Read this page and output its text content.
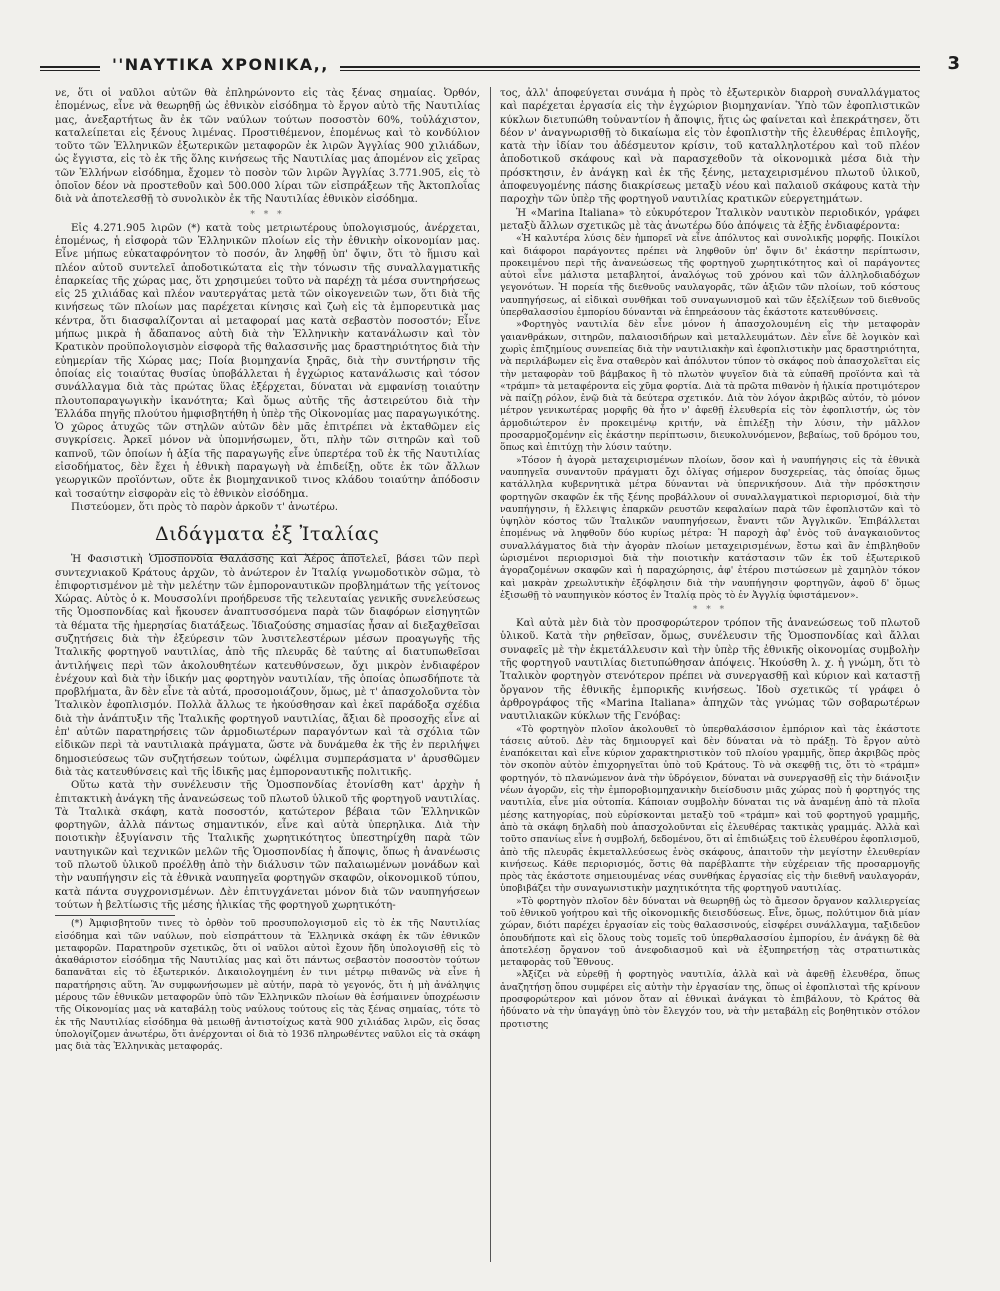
''ΝΑΥΤΙΚΑ ΧΡΟΝΙΚΑ,,	3

νε, ὅτι οἱ ναῦλοι αὐτῶν θὰ ἐπληρώνοντο εἰς τὰς ξένας σημαίας. Ὀρθόν, ἑπομένως, εἶνε νὰ θεωρηθῇ ὡς ἐθνικὸν εἰσόδημα τὸ ἔργον αὐτὸ τῆς Ναυτιλίας μας, ἀνεξαρτήτως ἂν ἐκ τῶν ναύλων τούτων ποσοστὸν 60%, τοὐλάχιστον, καταλείπεται εἰς ξένους λιμένας. Προστιθέμενον, ἑπομένως καὶ τὸ κονδύλιον τοῦτο τῶν Ἑλληνικῶν ἐξωτερικῶν μεταφορῶν ἐκ λιρῶν Ἀγγλίας 900 χιλιάδων, ὡς ἔγγιστα, εἰς τὸ ἐκ τῆς ὅλης κινήσεως τῆς Ναυτιλίας μας ἀπομένον εἰς χεῖρας τῶν Ἑλλήνων εἰσόδημα, ἔχομεν τὸ ποσὸν τῶν λιρῶν Ἀγγλίας 3.771.905, εἰς τὸ ὁποῖον δέον νὰ προστεθοῦν καὶ 500.000 λίραι τῶν εἰσπράξεων τῆς Ἀκτοπλοΐας διὰ νὰ ἀποτελεσθῇ τὸ συνολικὸν ἐκ τῆς Ναυτιλίας ἐθνικὸν εἰσόδημα.

* * *

Εἰς 4.271.905 λιρῶν (*) κατὰ τοὺς μετριωτέρους ὑπολογισμούς, ἀνέρχεται, ἑπομένως, ἡ εἰσφορὰ τῶν Ἑλληνικῶν πλοίων εἰς τὴν ἐθνικὴν οἰκονομίαν μας. Εἶνε μήπως εὐκαταφρόνητον τὸ ποσόν, ἂν ληφθῇ ὑπ' ὄψιν, ὅτι τὸ ἥμισυ καὶ πλέον αὐτοῦ συντελεῖ ἀποδοτικώτατα εἰς τὴν τόνωσιν τῆς συναλλαγματικῆς ἐπαρκείας τῆς χώρας μας, ὅτι χρησιμεύει τοῦτο νὰ παρέχῃ τὰ μέσα συντηρήσεως εἰς 25 χιλιάδας καὶ πλέον ναυτεργάτας μετὰ τῶν οἰκογενειῶν των, ὅτι διὰ τῆς κινήσεως τῶν πλοίων μας παρέχεται κίνησις καὶ ζωὴ εἰς τὰ ἐμπορευτικὰ μας κέντρα, ὅτι διασφαλίζονται αἱ μεταφοραί μας κατὰ σεβαστὸν ποσοστόν; Εἶνε μήπως μικρὰ ἡ ἄδαπανος αὐτὴ διὰ τὴν Ἑλληνικὴν κατανάλωσιν καὶ τὸν Κρατικὸν προϋπολογισμὸν εἰσφορὰ τῆς θαλασσινῆς μας δραστηριότητος διὰ τὴν εὐημερίαν τῆς Χώρας μας; Ποία βιομηχανία ξηρᾶς, διὰ τὴν συντήρησιν τῆς ὁποίας εἰς τοιαύτας θυσίας ὑποβάλλεται ἡ ἐγχώριος κατανάλωσις καὶ τόσον συνάλλαγμα διὰ τὰς πρώτας ὕλας ἐξέρχεται, δύναται νὰ εμφανίσῃ τοιαύτην πλουτοπαραγωγικὴν ἱκανότητα; Καὶ ὅμως αὐτῆς τῆς ἀστειρεύτου διὰ τὴν Ἑλλάδα πηγῆς πλούτου ἠμφισβητήθη ἡ ὑπὲρ τῆς Οἰκονομίας μας παραγωγικότης. Ὁ χῶρος ἀτυχῶς τῶν στηλῶν αὐτῶν δὲν μᾶς ἐπιτρέπει νὰ ἐκταθῶμεν εἰς συγκρίσεις. Ἀρκεῖ μόνον νὰ ὑπομνήσωμεν, ὅτι, πλὴν τῶν σιτηρῶν καὶ τοῦ καπνοῦ, τῶν ὁποίων ἡ ἀξία τῆς παραγωγῆς εἶνε ὑπερτέρα τοῦ ἐκ τῆς Ναυτιλίας εἰσοδήματος, δὲν ἔχει ἡ ἐθνικὴ παραγωγὴ νὰ ἐπιδείξῃ, οὔτε ἐκ τῶν ἄλλων γεωργικῶν προϊόντων, οὔτε ἐκ βιομηχανικοῦ τινος κλάδου τοιαύτην ἀπόδοσιν καὶ τοσαύτην εἰσφορὰν εἰς τὸ ἐθνικὸν εἰσόδημα.

Πιστεύομεν, ὅτι πρὸς τὸ παρὸν ἀρκοῦν τ' ἀνωτέρω.

Διδάγματα ἐξ Ἰταλίας

Ἡ Φασιστικὴ Ὁμοσπονδία Θαλάσσης καὶ Ἀέρος ἀποτελεῖ, βάσει τῶν περὶ συντεχνιακοῦ Κράτους ἀρχῶν, τὸ ἀνώτερον ἐν Ἰταλίᾳ γνωμοδοτικὸν σῶμα, τὸ ἐπιφορτισμένον μὲ τὴν μελέτην τῶν ἐμποροναυτικῶν προβλημάτων τῆς γείτονος Χώρας. Αὐτὸς ὁ κ. Μουσσολίνι προήδρευσε τῆς τελευταίας γενικῆς συνελεύσεως τῆς Ὁμοσπονδίας καὶ ἤκουσεν ἀναπτυσσόμενα παρὰ τῶν διαφόρων εἰσηγητῶν τὰ θέματα τῆς ἡμερησίας διατάξεως. Ἰδιαζούσης σημασίας ἦσαν αἱ διεξαχθεῖσαι συζητήσεις διὰ τὴν ἐξεύρεσιν τῶν λυσιτελεστέρων μέσων προαγωγῆς τῆς Ἰταλικῆς φορτηγοῦ ναυτιλίας, ἀπὸ τῆς πλευρᾶς δὲ ταύτης αἱ διατυπωθεῖσαι ἀντιλήψεις περὶ τῶν ἀκολουθητέων κατευθύνσεων, ὄχι μικρὸν ἐνδιαφέρον ἐνέχουν καὶ διὰ τὴν ἰδικήν μας φορτηγὸν ναυτιλίαν, τῆς ὁποίας ὁπωσδήποτε τὰ προβλήματα, ἂν δὲν εἶνε τὰ αὐτά, προσομοιάζουν, ὅμως, μὲ τ' ἀπασχολοῦντα τὸν Ἰταλικὸν ἐφοπλισμόν. Πολλὰ ἄλλως τε ἠκούσθησαν καὶ ἐκεῖ παράδοξα σχέδια διὰ τὴν ἀνάπτυξιν τῆς Ἰταλικῆς φορτηγοῦ ναυτιλίας, ἄξιαι δὲ προσοχῆς εἶνε αἱ ἐπ' αὐτῶν παρατηρήσεις τῶν ἁρμοδιωτέρων παραγόντων καὶ τὰ σχόλια τῶν εἰδικῶν περὶ τὰ ναυτιλιακὰ πράγματα, ὥστε νὰ δυνάμεθα ἐκ τῆς ἐν περιλήψει δημοσιεύσεως τῶν συζητήσεων τούτων, ὠφέλιμα συμπεράσματα ν' ἀρυσθῶμεν διὰ τὰς κατευθύνσεις καὶ τῆς ἰδικῆς μας ἐμποροναυτικῆς πολιτικῆς.

Οὕτω κατὰ τὴν συνέλευσιν τῆς Ὁμοσπονδίας ἐτονίσθη κατ' ἀρχὴν ἡ ἐπιτακτικὴ ἀνάγκη τῆς ἀνανεώσεως τοῦ πλωτοῦ ὑλικοῦ τῆς φορτηγοῦ ναυτιλίας. Τὰ Ἰταλικὰ σκάφη, κατὰ ποσοστόν, κατώτερον βέβαια τῶν Ἑλληνικῶν φορτηγῶν, ἀλλὰ πάντως σημαντικόν, εἶνε καὶ αὐτὰ ὑπερηλικα. Διὰ τὴν ποιοτικὴν ἐξυγίανσιν τῆς Ἰταλικῆς χωρητικότητος ὑπεστηρίχθη παρὰ τῶν ναυτηγικῶν καὶ τεχνικῶν μελῶν τῆς Ὁμοσπονδίας ἡ ἄποψις, ὅπως ἡ ἀνανέωσις τοῦ πλωτοῦ ὑλικοῦ προέλθῃ ἀπὸ τὴν διάλυσιν τῶν παλαιωμένων μονάδων καὶ τὴν ναυπήγησιν εἰς τὰ ἐθνικὰ ναυπηγεῖα φορτηγῶν σκαφῶν, οἰκονομικοῦ τύπου, κατὰ πάντα συγχρονισμένων. Δὲν ἐπιτυγχάνεται μόνον διὰ τῶν ναυπηγήσεων τούτων ἡ βελτίωσις τῆς μέσης ἡλικίας τῆς φορτηγοῦ χωρητικότη-

(*) Ἀμφισβητοῦν τινες τὸ ὀρθὸν τοῦ προσυπολογισμοῦ εἰς τὸ ἐκ τῆς Ναυτιλίας εἰσόδημα καὶ τῶν ναύλων, ποὺ εἰσπράττουν τὰ Ἑλληνικὰ σκάφη ἐκ τῶν ἐθνικῶν μεταφορῶν. Παρατηροῦν σχετικῶς, ὅτι οἱ ναῦλοι αὐτοὶ ἔχουν ἤδη ὑπολογισθῇ εἰς τὸ ἀκαθάριστον εἰσόδημα τῆς Ναυτιλίας μας καὶ ὅτι πάντως σεβαστὸν ποσοστὸν τούτων δαπανᾶται εἰς τὸ ἐξωτερικόν. Δικαιολογημένη ἐν τινι μέτρῳ πιθανῶς νὰ εἶνε ἡ παρατήρησις αὕτη. Ἂν συμφωνήσωμεν μὲ αὐτήν, παρὰ τὸ γεγονός, ὅτι ἡ μὴ ἀνάληψις μέρους τῶν ἐθνικῶν μεταφορῶν ὑπὸ τῶν Ἑλληνικῶν πλοίων θὰ ἐσήμαινεν ὑποχρέωσιν τῆς Οἰκονομίας μας νὰ καταβάλῃ τοὺς ναύλους τούτους εἰς τὰς ξένας σημαίας, τότε τὸ ἐκ τῆς Ναυτιλίας εἰσόδημα θὰ μειωθῇ ἀντιστοίχως κατὰ 900 χιλιάδας λιρῶν, εἰς ὅσας ὑπολογίζομεν ἀνωτέρω, ὅτι ἀνέρχονται οἱ διὰ τὸ 1936 πληρωθέντες ναῦλοι εἰς τὰ σκάφη μας διὰ τὰς Ἑλληνικὰς μεταφοράς.

τος, ἀλλ' ἀποφεύγεται συνάμα ἡ πρὸς τὸ ἐξωτερικὸν διαρροὴ συναλλάγματος καὶ παρέχεται ἐργασία εἰς τὴν ἐγχώριον βιομηχανίαν. Ὑπὸ τῶν ἐφοπλιστικῶν κύκλων διετυπώθη τοὐναντίον ἡ ἄποψις, ἥτις ὡς φαίνεται καὶ ἐπεκράτησεν, ὅτι δέον ν' ἀναγνωρισθῇ τὸ δικαίωμα εἰς τὸν ἐφοπλιστὴν τῆς ἐλευθέρας ἐπιλογῆς, κατὰ τὴν ἰδίαν του ἀδέσμευτον κρίσιν, τοῦ καταλληλοτέρου καὶ τοῦ πλέον ἀποδοτικοῦ σκάφους καὶ νὰ παρασχεθοῦν τὰ οἰκονομικὰ μέσα διὰ τὴν πρόσκτησιν, ἐν ἀνάγκῃ καὶ ἐκ τῆς ξένης, μεταχειρισμένου πλωτοῦ ὑλικοῦ, ἀποφευγομένης πάσης διακρίσεως μεταξὺ νέου καὶ παλαιοῦ σκάφους κατὰ τὴν παροχὴν τῶν ὑπὲρ τῆς φορτηγοῦ ναυτιλίας κρατικῶν εὐεργετημάτων.

Ἡ «Marina Italiana» τὸ εὐκυρότερον Ἰταλικὸν ναυτικὸν περιοδικόν, γράφει μεταξὺ ἄλλων σχετικῶς μὲ τὰς ἀνωτέρω δύο ἀπόψεις τὰ ἑξῆς ἐνδιαφέροντα:

«Ἡ καλυτέρα λύσις δὲν ἠμπορεῖ νὰ εἶνε ἀπόλυτος καὶ συνολικῆς μορφῆς. Ποικίλοι καὶ διάφοροι παράγοντες πρέπει νὰ ληφθοῦν ὑπ' ὄψιν δι' ἑκάστην περίπτωσιν, προκειμένου περὶ τῆς ἀνανεώσεως τῆς φορτηγοῦ χωρητικότητος καὶ οἱ παράγοντες αὐτοὶ εἶνε μάλιστα μεταβλητοί, ἀναλόγως τοῦ χρόνου καὶ τῶν ἀλληλοδιαδόχων γεγονότων. Ἡ πορεία τῆς διεθνοῦς ναυλαγορᾶς, τῶν ἀξιῶν τῶν πλοίων, τοῦ κόστους ναυπηγήσεως, αἱ εἰδικαὶ συνθῆκαι τοῦ συναγωνισμοῦ καὶ τῶν ἐξελίξεων τοῦ διεθνοῦς ὑπερθαλασσίου ἐμπορίου δύνανται νὰ ἐπηρεάσουν τὰς ἑκάστοτε κατευθύνσεις.

»Φορτηγὸς ναυτιλία δὲν εἶνε μόνον ἡ ἀπασχολουμένη εἰς τὴν μεταφορὰν γαιανθράκων, σιτηρῶν, παλαιοσιδήρων καὶ μεταλλευμάτων. Δὲν εἶνε δὲ λογικὸν καὶ χωρὶς ἐπιζημίους συνεπείας διὰ τὴν ναυτιλιακὴν καὶ ἐφοπλιστικὴν μας δραστηριότητα, νὰ περιλάβωμεν εἰς ἕνα σταθερὸν καὶ ἀπόλυτον τύπον τὸ σκάφος ποὺ ἀπασχολεῖται εἰς τὴν μεταφορὰν τοῦ βάμβακος ἢ τὸ πλωτὸν ψυγεῖον διὰ τὰ εὐπαθῆ προϊόντα καὶ τὰ «τράμπ» τὰ μεταφέροντα εἰς χῦμα φορτία. Διὰ τὰ πρῶτα πιθανὸν ἡ ἡλικία προτιμότερον νὰ παίζῃ ρόλον, ἐνῷ διὰ τὰ δεύτερα σχετικόν. Διὰ τὸν λόγον ἀκριβῶς αὐτόν, τὸ μόνον μέτρον γενικωτέρας μορφῆς θὰ ἦτο ν' ἀφεθῇ ἐλευθερία εἰς τὸν ἐφοπλιστήν, ὡς τὸν ἁρμοδιώτερον ἐν προκειμένῳ κριτήν, νὰ ἐπιλέξῃ τὴν λύσιν, τὴν μᾶλλον προσαρμοζομένην εἰς ἑκάστην περίπτωσιν, διευκολυνόμενον, βεβαίως, τοῦ δρόμου του, ὅπως καὶ ἐπιτύχῃ τὴν λύσιν ταύτην.

»Τόσον ἡ ἀγορὰ μεταχειρισμένων πλοίων, ὅσον καὶ ἡ ναυπήγησις εἰς τὰ ἐθνικὰ ναυπηγεῖα συναντοῦν πράγματι ὄχι ὀλίγας σήμερον δυσχερείας, τὰς ὁποίας ὅμως κατάλληλα κυβερνητικὰ μέτρα δύνανται νὰ ὑπερνικήσουν. Διὰ τὴν πρόσκτησιν φορτηγῶν σκαφῶν ἐκ τῆς ξένης προβάλλουν οἱ συναλλαγματικοὶ περιορισμοί, διὰ τὴν ναυπήγησιν, ἡ ἔλλειψις ἐπαρκῶν ρευστῶν κεφαλαίων παρὰ τῶν ἐφοπλιστῶν καὶ τὸ ὑψηλὸν κόστος τῶν Ἰταλικῶν ναυπηγήσεων, ἔναντι τῶν Ἀγγλικῶν. Ἐπιβάλλεται ἑπομένως νὰ ληφθοῦν δύο κυρίως μέτρα: Ἡ παροχὴ ἀφ' ἑνὸς τοῦ ἀναγκαιοῦντος συναλλάγματος διὰ τὴν ἀγορὰν πλοίων μεταχειρισμένων, ἔστω καὶ ἂν ἐπιβληθοῦν ὡρισμένοι περιορισμοὶ διὰ τὴν ποιοτικὴν κατάστασιν τῶν ἐκ τοῦ ἐξωτερικοῦ ἀγοραζομένων σκαφῶν καὶ ἡ παραχώρησις, ἀφ' ἑτέρου πιστώσεων μὲ χαμηλὸν τόκον καὶ μακρὰν χρεωλυτικὴν ἐξόφλησιν διὰ τὴν ναυπήγησιν φορτηγῶν, ἀφοῦ δ' ὅμως ἐξισωθῇ τὸ ναυπηγικὸν κόστος ἐν Ἰταλίᾳ πρὸς τὸ ἐν Ἀγγλίᾳ ὑφιστάμενον».

* * *

Καὶ αὐτὰ μὲν διὰ τὸν προσφορώτερον τρόπον τῆς ἀνανεώσεως τοῦ πλωτοῦ ὑλικοῦ. Κατὰ τὴν ρηθεῖσαν, ὅμως, συνέλευσιν τῆς Ὁμοσπονδίας καὶ ἄλλαι συναφεῖς μὲ τὴν ἐκμετάλλευσιν καὶ τὴν ὑπὲρ τῆς ἐθνικῆς οἰκονομίας συμβολὴν τῆς φορτηγοῦ ναυτιλίας διετυπώθησαν ἀπόψεις. Ἠκούσθη λ. χ. ἡ γνώμη, ὅτι τὸ Ἰταλικὸν φορτηγὸν στενότερον πρέπει νὰ συνεργασθῇ καὶ κύριον καὶ καταστῇ ὄργανον τῆς ἐθνικῆς ἐμπορικῆς κινήσεως. Ἰδοὺ σχετικῶς τί γράφει ὁ ἀρθρογράφος τῆς «Marina Italiana» ἀπηχῶν τὰς γνώμας τῶν σοβαρωτέρων ναυτιλιακῶν κύκλων τῆς Γενόβας:

«Τὸ φορτηγὸν πλοῖον ἀκολουθεῖ τὸ ὑπερθαλάσσιον ἐμπόριον καὶ τὰς ἑκάστοτε τάσεις αὐτοῦ. Δὲν τὰς δημιουργεῖ καὶ δὲν δύναται νὰ τὸ πράξῃ. Τὸ ἔργον αὐτὸ ἐναπόκειται καὶ εἶνε κύριον χαρακτηριστικὸν τοῦ πλοίου γραμμῆς, ὅπερ ἀκριβῶς πρὸς τὸν σκοπὸν αὐτὸν ἐπιχορηγεῖται ὑπὸ τοῦ Κράτους. Τὸ νὰ σκεφθῇ τις, ὅτι τὸ «τράμπ» φορτηγόν, τὸ πλανώμενον ἀνὰ τὴν ὑδρόγειον, δύναται νὰ συνεργασθῇ εἰς τὴν διάνοιξιν νέων ἀγορῶν, εἰς τὴν ἐμποροβιομηχανικὴν διείσδυσιν μιᾶς χώρας ποὺ ἡ φορτηγός της ναυτιλία, εἶνε μία οὐτοπία. Κάποιαν συμβολὴν δύναται τις νὰ ἀναμένῃ ἀπὸ τὰ πλοῖα μέσης κατηγορίας, ποὺ εὑρίσκονται μεταξὺ τοῦ «τράμπ» καὶ τοῦ φορτηγοῦ γραμμῆς, ἀπὸ τὰ σκάφη δηλαδὴ ποὺ ἀπασχολοῦνται εἰς ἐλευθέρας τακτικὰς γραμμάς. Ἀλλὰ καὶ τοῦτο σπανίως εἶνε ἡ συμβολή, δεδομένου, ὅτι αἱ ἐπιδιώξεις τοῦ ἐλευθέρου ἐφοπλισμοῦ, ἀπὸ τῆς πλευρᾶς ἐκμεταλλεύσεως ἑνὸς σκάφους, ἀπαιτοῦν τὴν μεγίστην ἐλευθερίαν κινήσεως. Κάθε περιορισμός, ὅστις θὰ παρέβλαπτε τὴν εὐχέρειαν τῆς προσαρμογῆς πρὸς τὰς ἑκάστοτε σημειουμένας νέας συνθήκας ἐργασίας εἰς τὴν διεθνῆ ναυλαγοράν, ὑποβιβάζει τὴν συναγωνιστικὴν μαχητικότητα τῆς φορτηγοῦ ναυτιλίας.

»Τὸ φορτηγὸν πλοῖον δὲν δύναται νὰ θεωρηθῇ ὡς τὸ ἄμεσον ὄργανον καλλιεργείας τοῦ ἐθνικοῦ γοήτρου καὶ τῆς οἰκονομικῆς διεισδύσεως. Εἶνε, ὅμως, πολύτιμον διὰ μίαν χώραν, διότι παρέχει ἐργασίαν εἰς τοὺς θαλασσινούς, εἰσφέρει συνάλλαγμα, ταξιδεῦον ὁπουδήποτε καὶ εἰς ὅλους τοὺς τομεῖς τοῦ ὑπερθαλασσίου ἐμπορίου, ἐν ἀνάγκῃ δὲ θὰ ἀποτελέσῃ ὄργανον τοῦ ἀνεφοδιασμοῦ καὶ νὰ ἐξυπηρετήσῃ τὰς στρατιωτικὰς μεταφορὰς τοῦ Ἔθνους.

»Ἀξίζει νὰ εὑρεθῇ ἡ φορτηγὸς ναυτιλία, ἀλλὰ καὶ νὰ ἀφεθῇ ἐλευθέρα, ὅπως ἀναζητήσῃ ὅπου συμφέρει εἰς αὐτὴν τὴν ἐργασίαν της, ὅπως οἱ ἐφοπλισταὶ τῆς κρίνουν προσφορώτερον καὶ μόνον ὅταν αἱ ἐθνικαὶ ἀνάγκαι τὸ ἐπιβάλουν, τὸ Κράτος θὰ ἠδύνατο νὰ τὴν ὑπαγάγῃ ὑπὸ τὸν ἔλεγχόν του, νὰ τὴν μεταβάλῃ εἰς βοηθητικὸν στόλον προτιστης
